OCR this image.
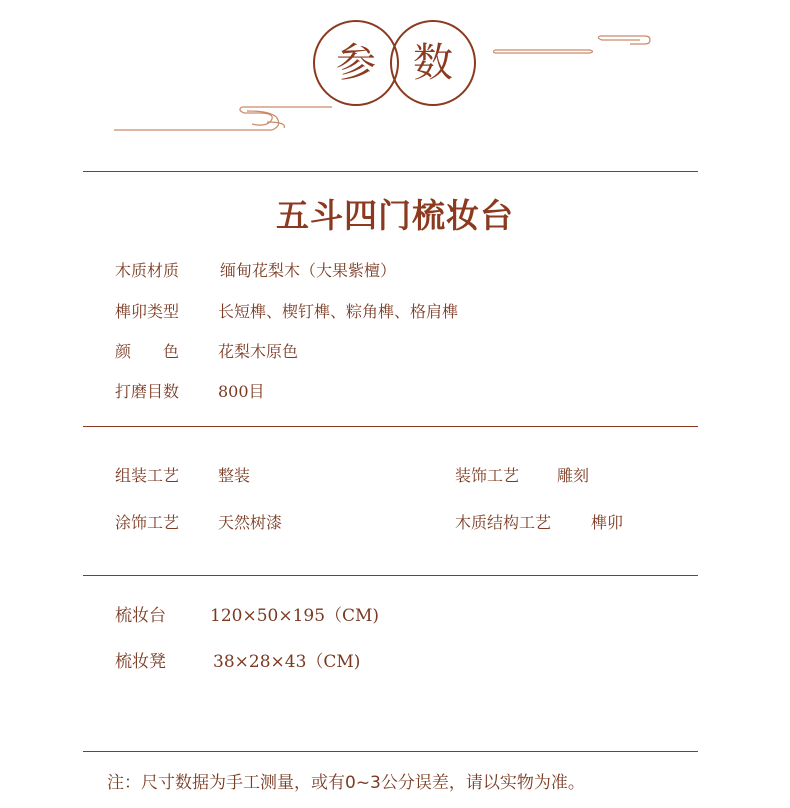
参 数
五斗四门梳妆台
木质材质	缅甸花梨木（大果紫檀）
榫卯类型 长短榫、楔钉榫、粽角榫、格肩榫
颜　　色 花梨木原色
打磨目数 800目
组装工艺 整装	装饰工艺 雕刻
涂饰工艺 天然树漆	木质结构工艺 榫卯
梳妆台	120×50×195（CM)
梳妆凳	38×28×43（CM)
注：尺寸数据为手工测量，或有0~3公分误差，请以实物为准。
